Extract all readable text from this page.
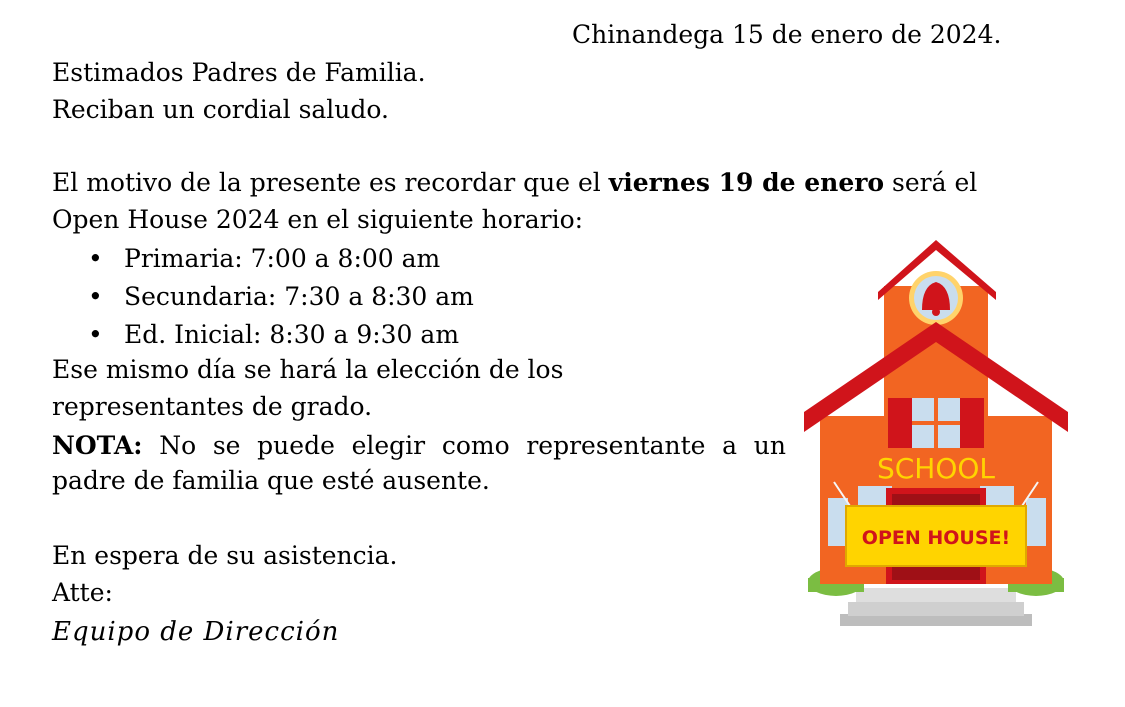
Chinandega 15 de enero de 2024.
Estimados Padres de Familia.
Reciban un cordial saludo.
El motivo de la presente es recordar que el viernes 19 de enero será el
Open House 2024 en el siguiente horario:
• Primaria: 7:00 a 8:00 am
• Secundaria: 7:30 a 8:30 am
• Ed. Inicial: 8:30 a 9:30 am
Ese mismo día se hará la elección de los
representantes de grado.
NOTA: No se puede elegir como representante a un
padre de familia que esté ausente.
En espera de su asistencia.
Atte:
Equipo de Dirección
SCHOOL
OPEN HOUSE!
